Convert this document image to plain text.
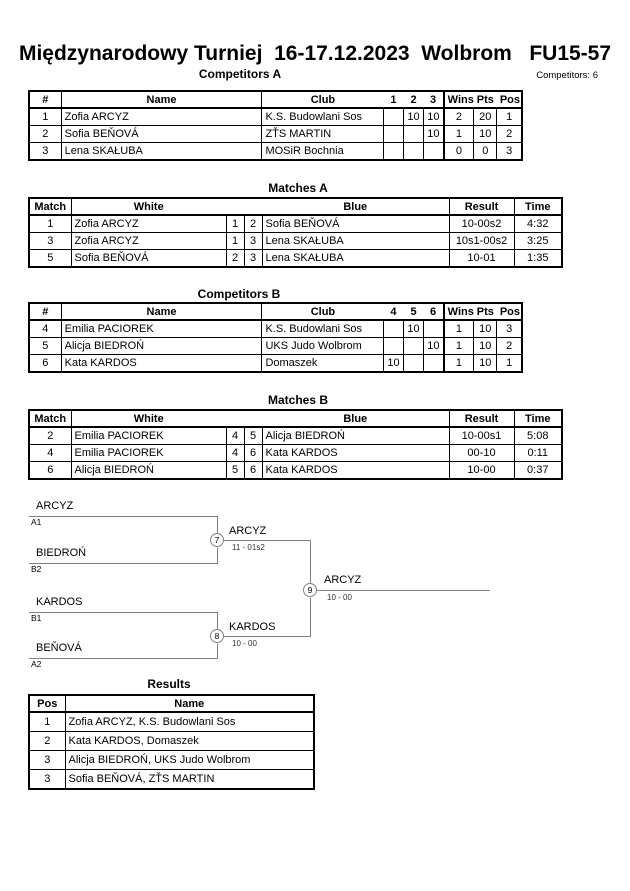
Międzynarodowy Turniej  16-17.12.2023  Wolbrom   FU15-57
Competitors A	Competitors: 6
#	Name	Club	1	2	3	Wins	Pts	Pos
1	Zofia ARCYZ	K.S. Budowlani Sos		10	10	2	20	1
2	Sofia BEŇOVÁ	ZŤS MARTIN			10	1	10	2
3	Lena SKAŁUBA	MOSiR Bochnia				0	0	3
Matches A
Match	White			Blue	Result	Time
1	Zofia ARCYZ	1	2	Sofia BEŇOVÁ	10-00s2	4:32
3	Zofia ARCYZ	1	3	Lena SKAŁUBA	10s1-00s2	3:25
5	Sofia BEŇOVÁ	2	3	Lena SKAŁUBA	10-01	1:35
Competitors B
#	Name	Club	4	5	6	Wins	Pts	Pos
4	Emilia PACIOREK	K.S. Budowlani Sos		10		1	10	3
5	Alicja BIEDROŃ	UKS Judo Wolbrom			10	1	10	2
6	Kata KARDOS	Domaszek	10			1	10	1
Matches B
Match	White			Blue	Result	Time
2	Emilia PACIOREK	4	5	Alicja BIEDROŃ	10-00s1	5:08
4	Emilia PACIOREK	4	6	Kata KARDOS	00-10	0:11
6	Alicja BIEDROŃ	5	6	Kata KARDOS	10-00	0:37
ARCYZ
A1
BIEDROŃ
B2
KARDOS
B1
BEŇOVÁ
A2
7
8
9
ARCYZ
11 - 01s2
KARDOS
10 - 00
ARCYZ
10 - 00
Results
Pos	Name
1	Zofia ARCYZ, K.S. Budowlani Sos
2	Kata KARDOS, Domaszek
3	Alicja BIEDROŃ, UKS Judo Wolbrom
3	Sofia BEŇOVÁ, ZŤS MARTIN
